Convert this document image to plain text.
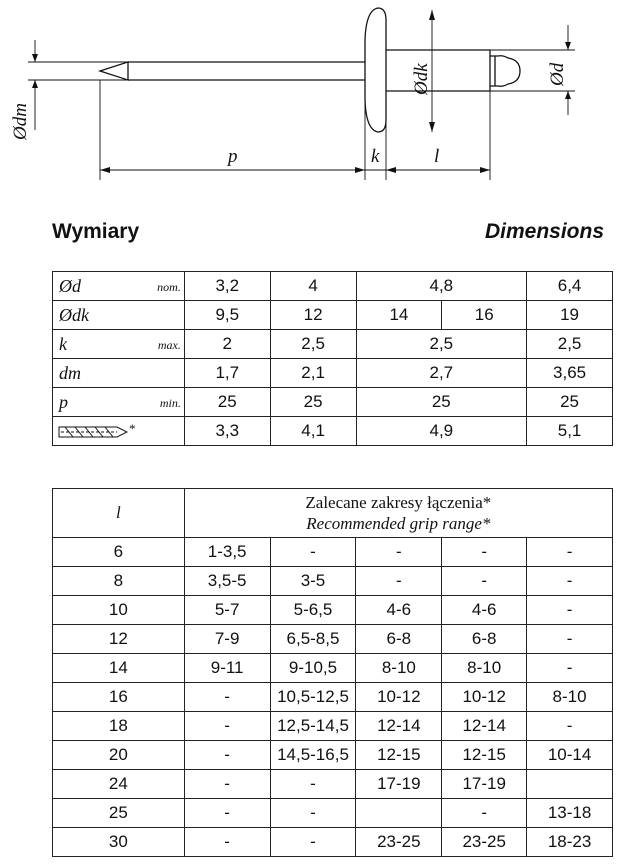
Ødm
Ødk	Ød
p	k	l
Wymiary	Dimensions
Ød nom.	3,2	4	4,8		6,4
Ødk	9,5	12	14	16	19
k max.	2	2,5	2,5		2,5
dm	1,7	2,1	2,7		3,65
p min.	25	25	25		25
*	3,3	4,1	4,9		5,1
l	Zalecane zakresy łączenia*
Recommended grip range*				

6	1-3,5	-	-	-	-
8	3,5-5	3-5	-	-	-
10	5-7	5-6,5	4-6	4-6	-
12	7-9	6,5-8,5	6-8	6-8	-
14	9-11	9-10,5	8-10	8-10	-
16	-	10,5-12,5	10-12	10-12	8-10
18	-	12,5-14,5	12-14	12-14	-
20	-	14,5-16,5	12-15	12-15	10-14
24	-	-	17-19	17-19	
25	-	-		-	13-18
30	-	-	23-25	23-25	18-23
